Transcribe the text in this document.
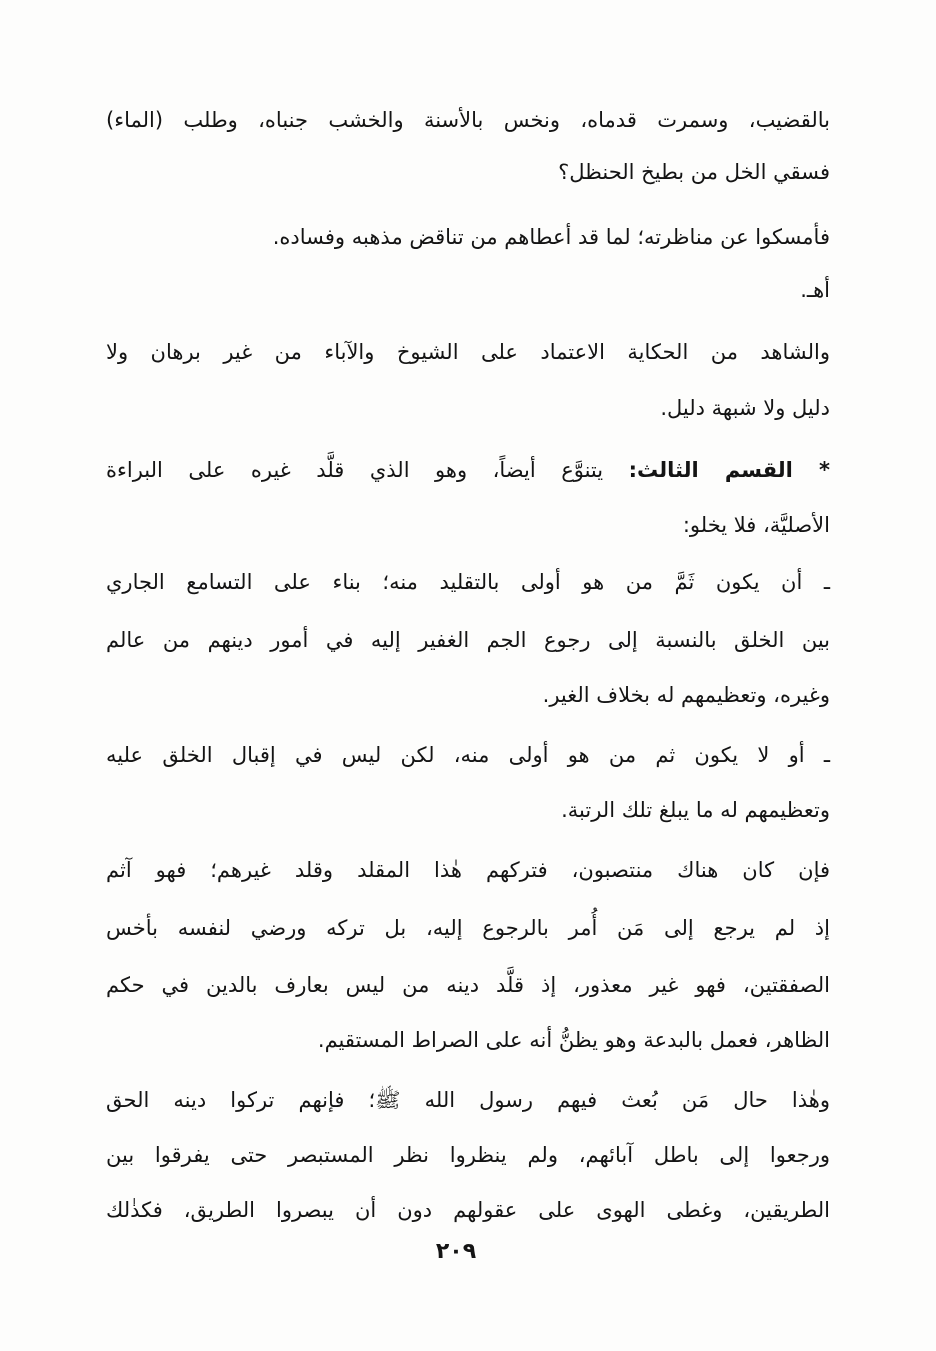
بالقضيب، وسمرت قدماه، ونخس بالأسنة والخشب جنباه، وطلب (الماء)
فسقي الخل من بطيخ الحنظل؟
فأمسكوا عن مناظرته؛ لما قد أعطاهم من تناقض مذهبه وفساده.
أهـ.
والشاهد من الحكاية الاعتماد على الشيوخ والآباء من غير برهان ولا
دليل ولا شبهة دليل.
* القسم الثالث: يتنوَّع أيضاً، وهو الذي قلَّد غيره على البراءة
الأصليَّة، فلا يخلو:
ـ أن يكون ثَمَّ من هو أولى بالتقليد منه؛ بناء على التسامع الجاري
بين الخلق بالنسبة إلى رجوع الجم الغفير إليه في أمور دينهم من عالم
وغيره، وتعظيمهم له بخلاف الغير.
ـ أو لا يكون ثم من هو أولى منه، لكن ليس في إقبال الخلق عليه
وتعظيمهم له ما يبلغ تلك الرتبة.
فإن كان هناك منتصبون، فتركهم هٰذا المقلد وقلد غيرهم؛ فهو آثم
إذ لم يرجع إلى مَن أُمر بالرجوع إليه، بل تركه ورضي لنفسه بأخس
الصفقتين، فهو غير معذور، إذ قلَّد دينه من ليس بعارف بالدين في حكم
الظاهر، فعمل بالبدعة وهو يظنُّ أنه على الصراط المستقيم.
وهٰذا حال مَن بُعث فيهم رسول الله ﷺ؛ فإنهم تركوا دينه الحق
ورجعوا إلى باطل آبائهم، ولم ينظروا نظر المستبصر حتى يفرقوا بين
الطريقين، وغطى الهوى على عقولهم دون أن يبصروا الطريق، فكذٰلك
٢٠٩
